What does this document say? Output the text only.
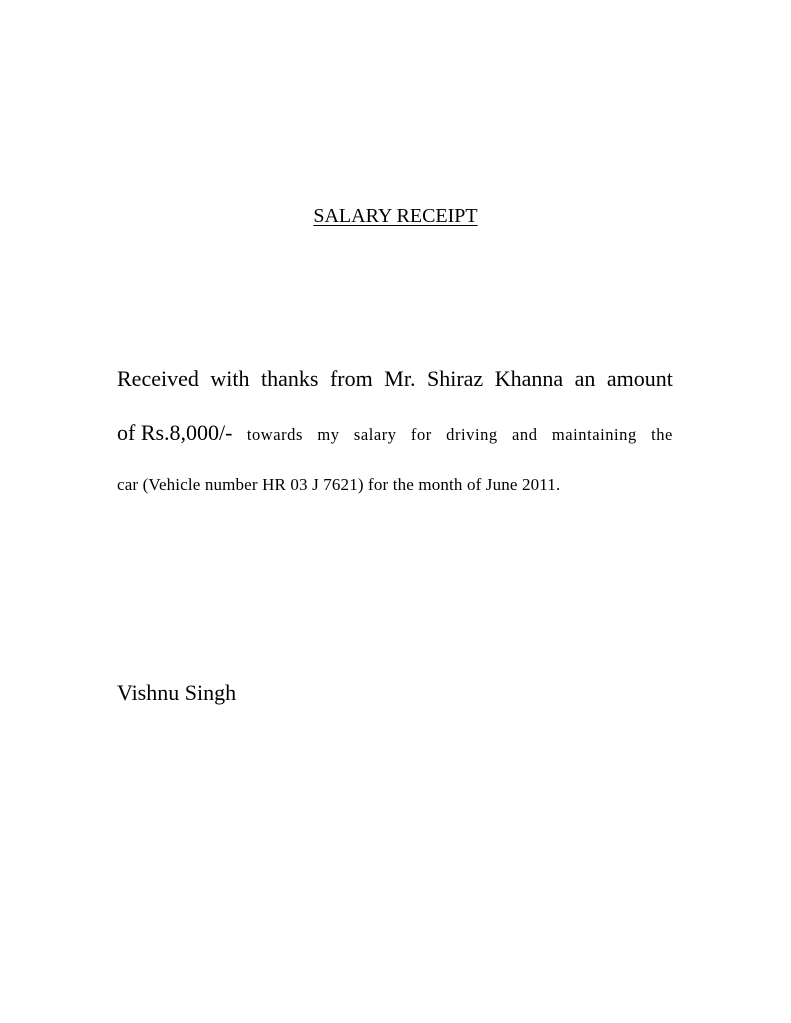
SALARY RECEIPT
Received with thanks from Mr. Shiraz Khanna an amount
of Rs.8,000/- towards my salary for driving and maintaining the
car (Vehicle number HR 03 J 7621) for the month of June 2011.
Vishnu Singh
